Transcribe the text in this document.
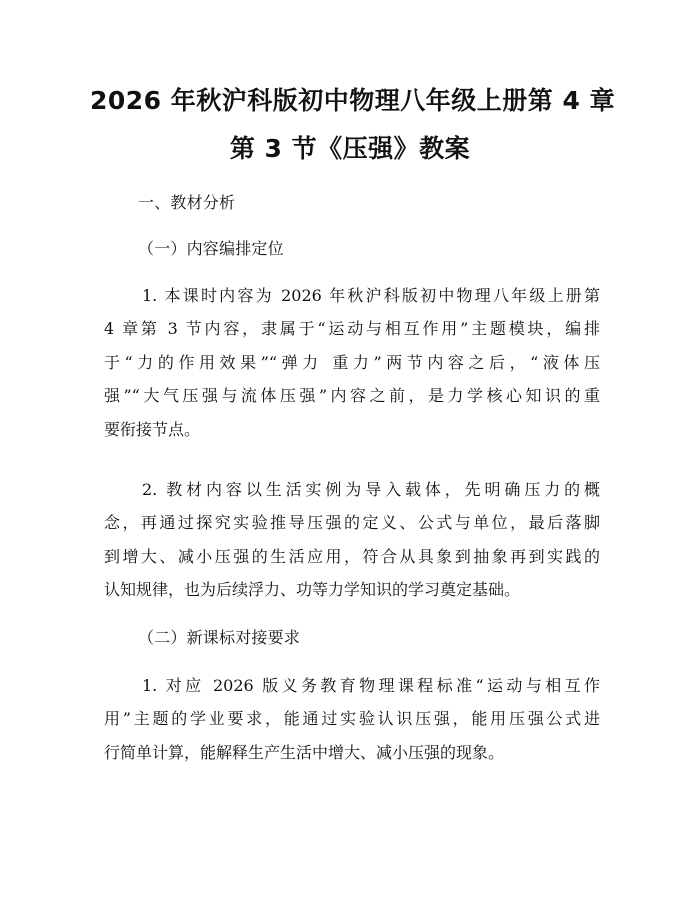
2026 年秋沪科版初中物理八年级上册第 4 章
第 3 节《压强》教案
一、教材分析
（一）内容编排定位
1. 本课时内容为 2026 年秋沪科版初中物理八年级上册第
4 章第 3 节内容，隶属于“运动与相互作用”主题模块，编排
于“力的作用效果”“弹力 重力”两节内容之后，“液体压
强”“大气压强与流体压强”内容之前，是力学核心知识的重
要衔接节点。
2. 教材内容以生活实例为导入载体，先明确压力的概
念，再通过探究实验推导压强的定义、公式与单位，最后落脚
到增大、减小压强的生活应用，符合从具象到抽象再到实践的
认知规律，也为后续浮力、功等力学知识的学习奠定基础。
（二）新课标对接要求
1. 对应 2026 版义务教育物理课程标准“运动与相互作
用”主题的学业要求，能通过实验认识压强，能用压强公式进
行简单计算，能解释生产生活中增大、减小压强的现象。
